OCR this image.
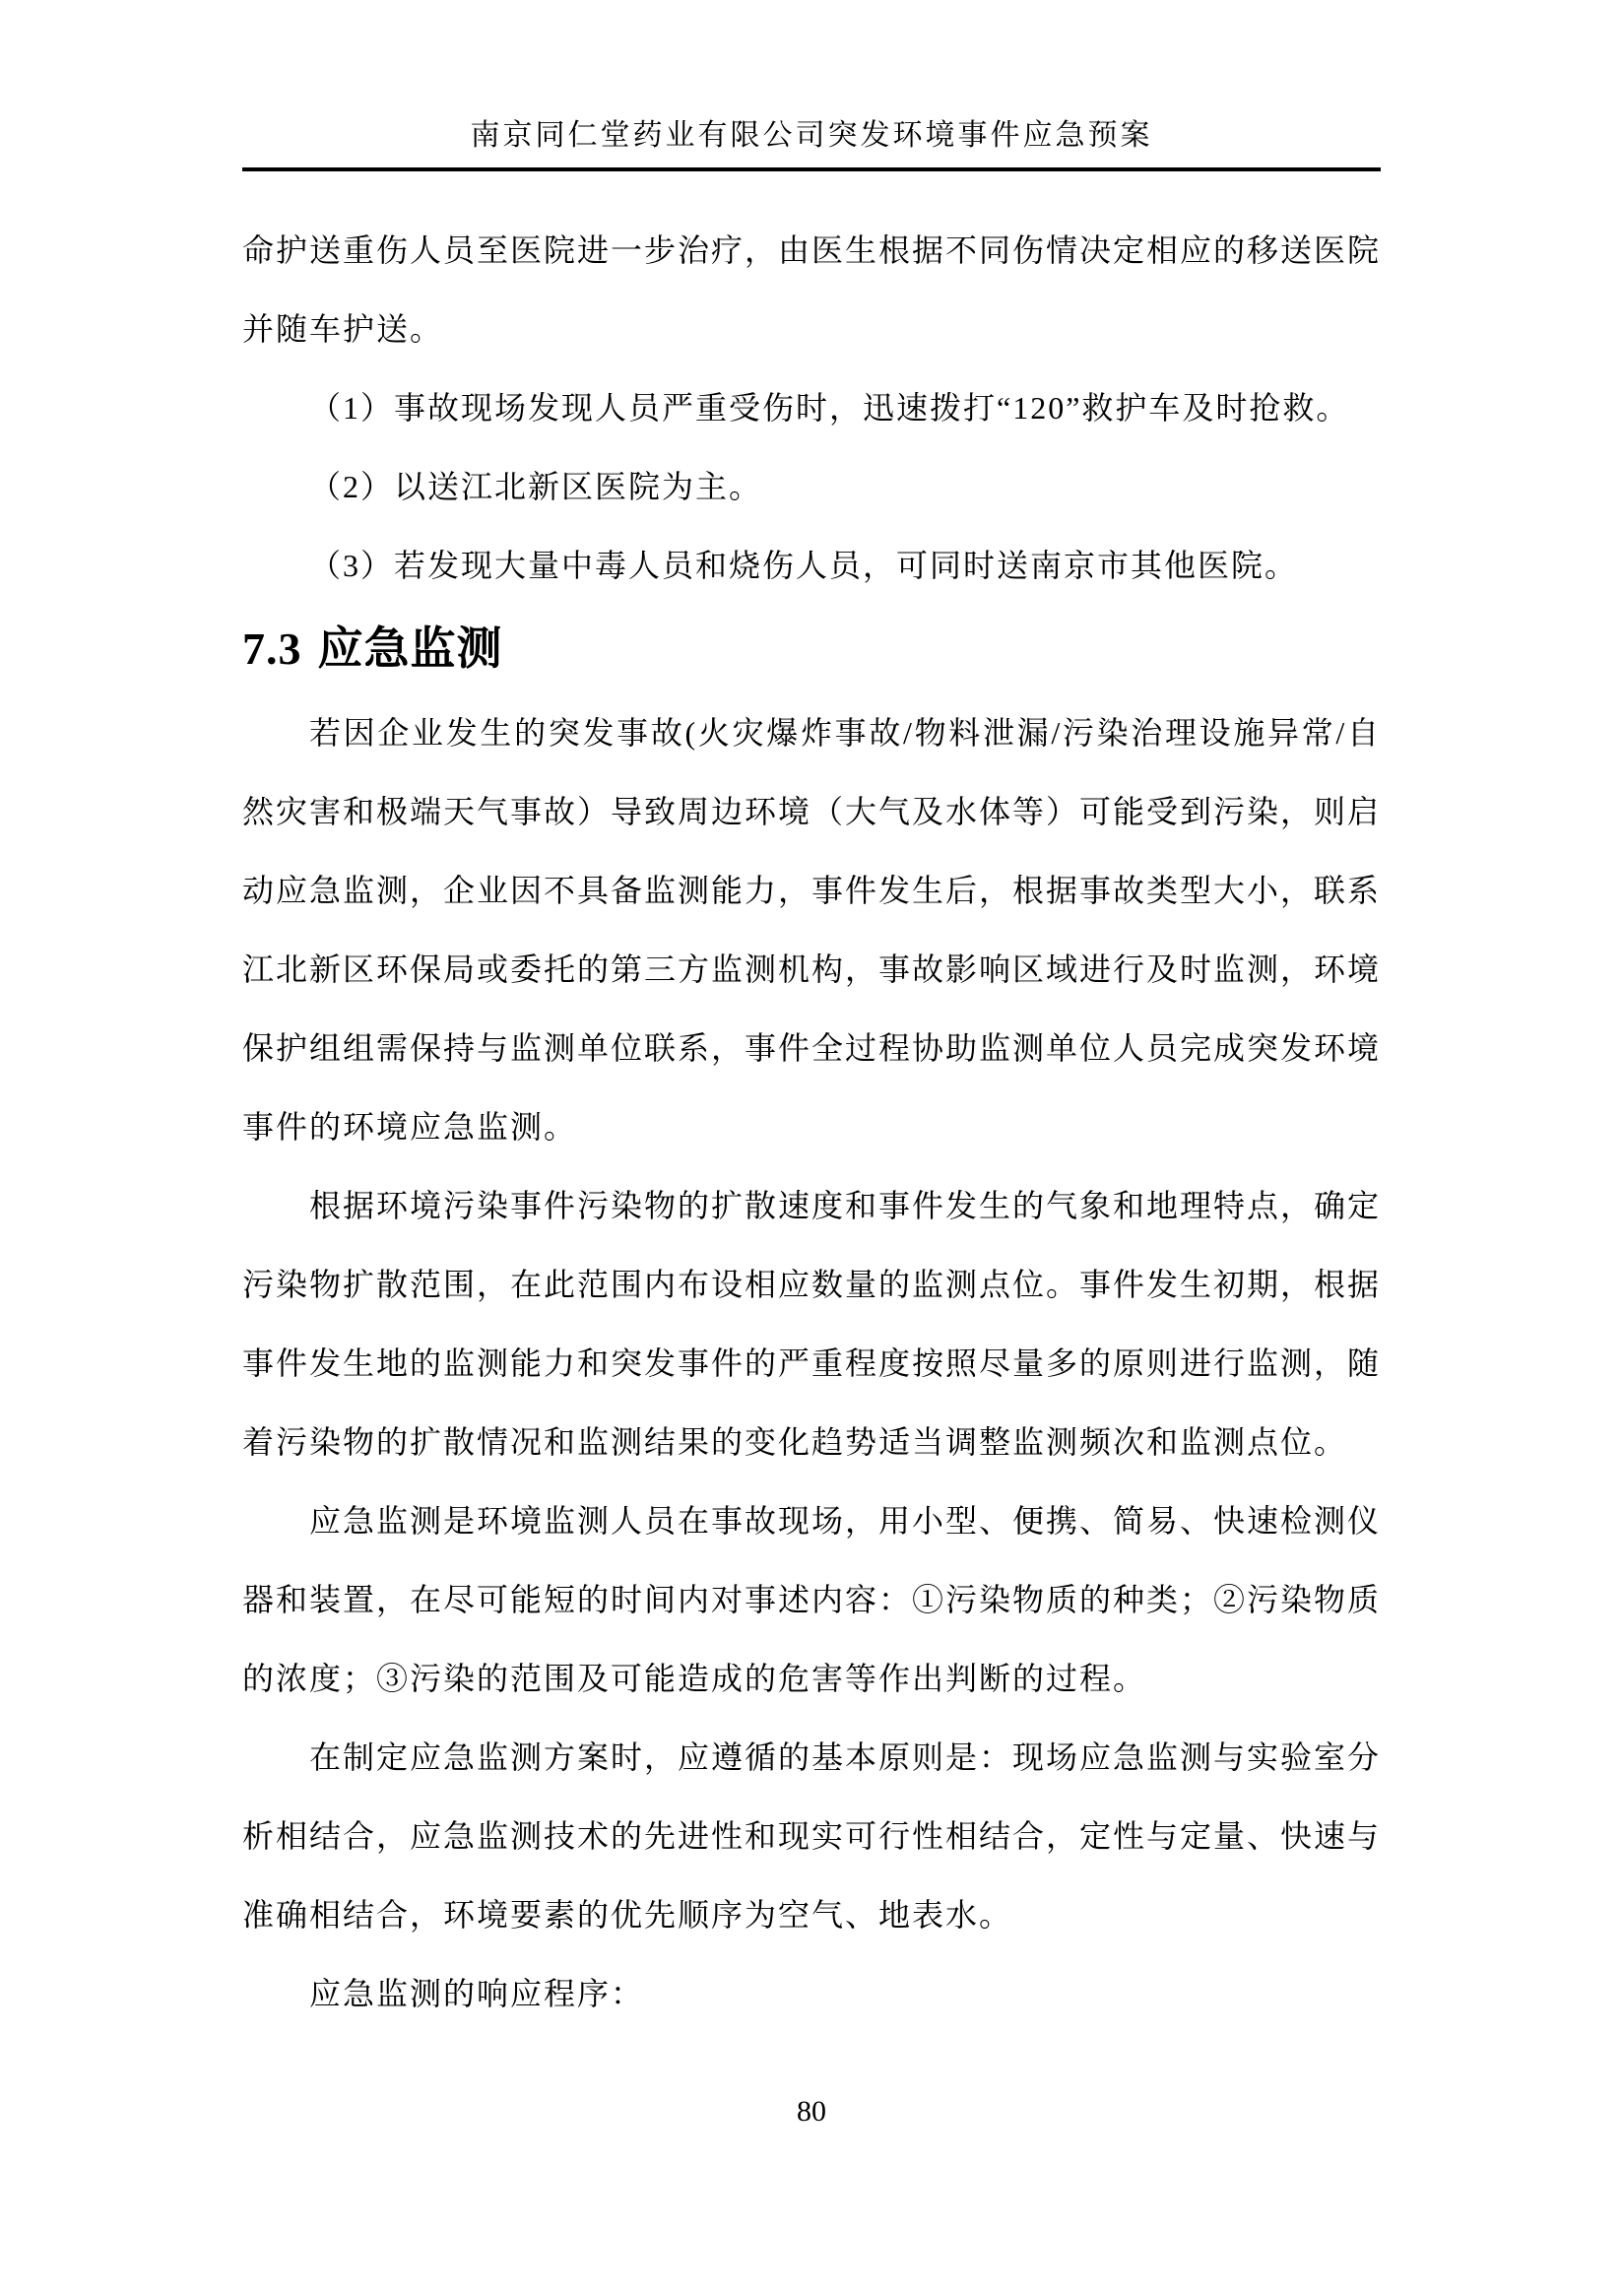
南京同仁堂药业有限公司突发环境事件应急预案

命护送重伤人员至医院进一步治疗，由医生根据不同伤情决定相应的移送医院并随车护送。

（1）事故现场发现人员严重受伤时，迅速拨打“120”救护车及时抢救。

（2）以送江北新区医院为主。

（3）若发现大量中毒人员和烧伤人员，可同时送南京市其他医院。

7.3 应急监测

若因企业发生的突发事故(火灾爆炸事故/物料泄漏/污染治理设施异常/自然灾害和极端天气事故）导致周边环境（大气及水体等）可能受到污染，则启动应急监测，企业因不具备监测能力，事件发生后，根据事故类型大小，联系江北新区环保局或委托的第三方监测机构，事故影响区域进行及时监测，环境保护组组需保持与监测单位联系，事件全过程协助监测单位人员完成突发环境事件的环境应急监测。

根据环境污染事件污染物的扩散速度和事件发生的气象和地理特点，确定污染物扩散范围，在此范围内布设相应数量的监测点位。事件发生初期，根据事件发生地的监测能力和突发事件的严重程度按照尽量多的原则进行监测，随着污染物的扩散情况和监测结果的变化趋势适当调整监测频次和监测点位。

应急监测是环境监测人员在事故现场，用小型、便携、简易、快速检测仪器和装置，在尽可能短的时间内对事述内容：①污染物质的种类；②污染物质的浓度；③污染的范围及可能造成的危害等作出判断的过程。

在制定应急监测方案时，应遵循的基本原则是：现场应急监测与实验室分析相结合，应急监测技术的先进性和现实可行性相结合，定性与定量、快速与准确相结合，环境要素的优先顺序为空气、地表水。

应急监测的响应程序：

80
